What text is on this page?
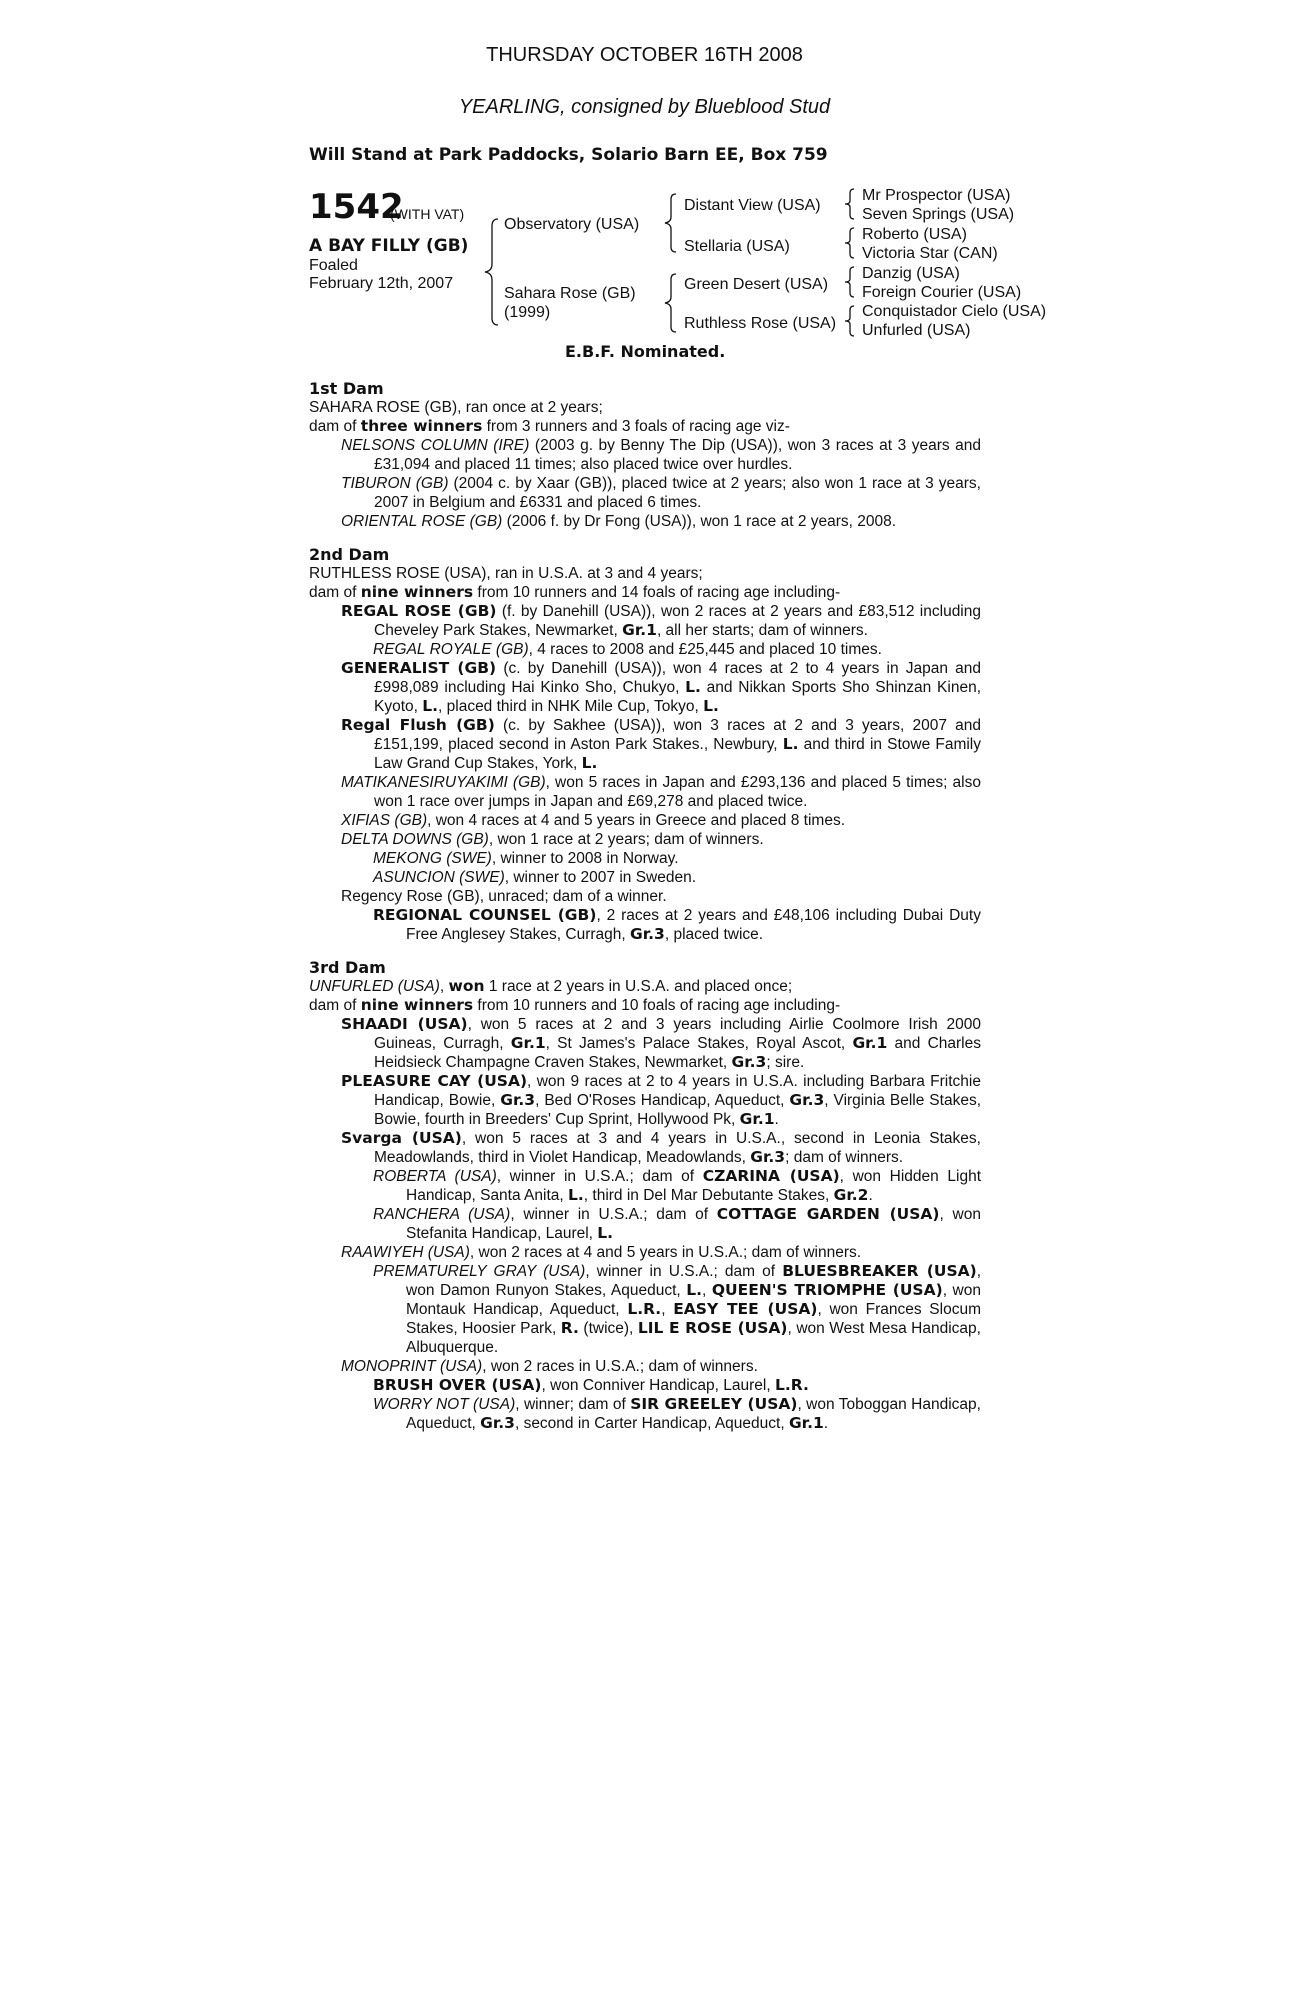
THURSDAY OCTOBER 16TH 2008
YEARLING, consigned by Blueblood Stud
Will Stand at Park Paddocks, Solario Barn EE, Box 759
1542
(WITH VAT)
A BAY FILLY (GB)
Foaled
February 12th, 2007
Observatory (USA)
Sahara Rose (GB)
(1999)
Distant View (USA)
Stellaria (USA)
Green Desert (USA)
Ruthless Rose (USA)
Mr Prospector (USA)
Seven Springs (USA)
Roberto (USA)
Victoria Star (CAN)
Danzig (USA)
Foreign Courier (USA)
Conquistador Cielo (USA)
Unfurled (USA)
E.B.F. Nominated.
1st Dam
SAHARA ROSE (GB), ran once at 2 years;
dam of three winners from 3 runners and 3 foals of racing age viz-
NELSONS COLUMN (IRE) (2003 g. by Benny The Dip (USA)), won 3 races at 3 years and £31,094 and placed 11 times; also placed twice over hurdles.
TIBURON (GB) (2004 c. by Xaar (GB)), placed twice at 2 years; also won 1 race at 3 years, 2007 in Belgium and £6331 and placed 6 times.
ORIENTAL ROSE (GB) (2006 f. by Dr Fong (USA)), won 1 race at 2 years, 2008.
2nd Dam
RUTHLESS ROSE (USA), ran in U.S.A. at 3 and 4 years;
dam of nine winners from 10 runners and 14 foals of racing age including-
REGAL ROSE (GB) (f. by Danehill (USA)), won 2 races at 2 years and £83,512 including Cheveley Park Stakes, Newmarket, Gr.1, all her starts; dam of winners.
REGAL ROYALE (GB), 4 races to 2008 and £25,445 and placed 10 times.
GENERALIST (GB) (c. by Danehill (USA)), won 4 races at 2 to 4 years in Japan and £998,089 including Hai Kinko Sho, Chukyo, L. and Nikkan Sports Sho Shinzan Kinen, Kyoto, L., placed third in NHK Mile Cup, Tokyo, L.
Regal Flush (GB) (c. by Sakhee (USA)), won 3 races at 2 and 3 years, 2007 and £151,199, placed second in Aston Park Stakes., Newbury, L. and third in Stowe Family Law Grand Cup Stakes, York, L.
MATIKANESIRUYAKIMI (GB), won 5 races in Japan and £293,136 and placed 5 times; also won 1 race over jumps in Japan and £69,278 and placed twice.
XIFIAS (GB), won 4 races at 4 and 5 years in Greece and placed 8 times.
DELTA DOWNS (GB), won 1 race at 2 years; dam of winners.
MEKONG (SWE), winner to 2008 in Norway.
ASUNCION (SWE), winner to 2007 in Sweden.
Regency Rose (GB), unraced; dam of a winner.
REGIONAL COUNSEL (GB), 2 races at 2 years and £48,106 including Dubai Duty Free Anglesey Stakes, Curragh, Gr.3, placed twice.
3rd Dam
UNFURLED (USA), won 1 race at 2 years in U.S.A. and placed once;
dam of nine winners from 10 runners and 10 foals of racing age including-
SHAADI (USA), won 5 races at 2 and 3 years including Airlie Coolmore Irish 2000 Guineas, Curragh, Gr.1, St James's Palace Stakes, Royal Ascot, Gr.1 and Charles Heidsieck Champagne Craven Stakes, Newmarket, Gr.3; sire.
PLEASURE CAY (USA), won 9 races at 2 to 4 years in U.S.A. including Barbara Fritchie Handicap, Bowie, Gr.3, Bed O'Roses Handicap, Aqueduct, Gr.3, Virginia Belle Stakes, Bowie, fourth in Breeders' Cup Sprint, Hollywood Pk, Gr.1.
Svarga (USA), won 5 races at 3 and 4 years in U.S.A., second in Leonia Stakes, Meadowlands, third in Violet Handicap, Meadowlands, Gr.3; dam of winners.
ROBERTA (USA), winner in U.S.A.; dam of CZARINA (USA), won Hidden Light Handicap, Santa Anita, L., third in Del Mar Debutante Stakes, Gr.2.
RANCHERA (USA), winner in U.S.A.; dam of COTTAGE GARDEN (USA), won Stefanita Handicap, Laurel, L.
RAAWIYEH (USA), won 2 races at 4 and 5 years in U.S.A.; dam of winners.
PREMATURELY GRAY (USA), winner in U.S.A.; dam of BLUESBREAKER (USA), won Damon Runyon Stakes, Aqueduct, L., QUEEN'S TRIOMPHE (USA), won Montauk Handicap, Aqueduct, L.R., EASY TEE (USA), won Frances Slocum Stakes, Hoosier Park, R. (twice), LIL E ROSE (USA), won West Mesa Handicap, Albuquerque.
MONOPRINT (USA), won 2 races in U.S.A.; dam of winners.
BRUSH OVER (USA), won Conniver Handicap, Laurel, L.R.
WORRY NOT (USA), winner; dam of SIR GREELEY (USA), won Toboggan Handicap, Aqueduct, Gr.3, second in Carter Handicap, Aqueduct, Gr.1.
